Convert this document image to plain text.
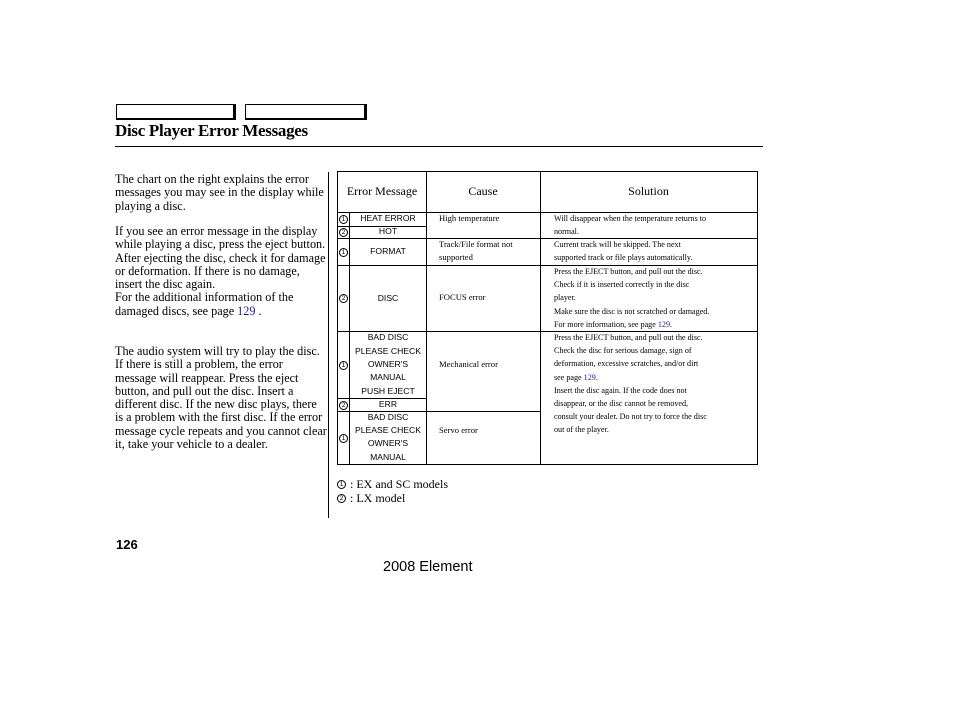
Disc Player Error Messages

The chart on the right explains the error messages you may see in the display while playing a disc.

If you see an error message in the display while playing a disc, press the eject button. After ejecting the disc, check it for damage or deformation. If there is no damage, insert the disc again.
For the additional information of the damaged discs, see page 129 .

The audio system will try to play the disc. If there is still a problem, the error message will reappear. Press the eject button, and pull out the disc. Insert a different disc. If the new disc plays, there is a problem with the first disc. If the error message cycle repeats and you cannot clear it, take your vehicle to a dealer.

Error Message	Cause	Solution
1
2
1
2
1
2
1
HEAT ERROR
HOT
FORMAT
DISC
BAD DISC
PLEASE CHECK
OWNER'S
MANUAL
PUSH EJECT
ERR
BAD DISC
PLEASE CHECK
OWNER'S
MANUAL
High temperature
Track/File format not
supported
FOCUS error
Mechanical error
Servo error
Will disappear when the temperature returns to
normal.
Current track will be skipped. The next
supported track or file plays automatically.
Press the EJECT button, and pull out the disc.
Check if it is inserted correctly in the disc
player.
Make sure the disc is not scratched or damaged.
For more information, see page 129.
Press the EJECT button, and pull out the disc.
Check the disc for serious damage, sign of
deformation, excessive scratches, and/or dirt
see page 129.
Insert the disc again. If the code does not
disappear, or the disc cannot be removed,
consult your dealer. Do not try to force the disc
out of the player.
1 : EX and SC models
2 : LX model
126
2008 Element
